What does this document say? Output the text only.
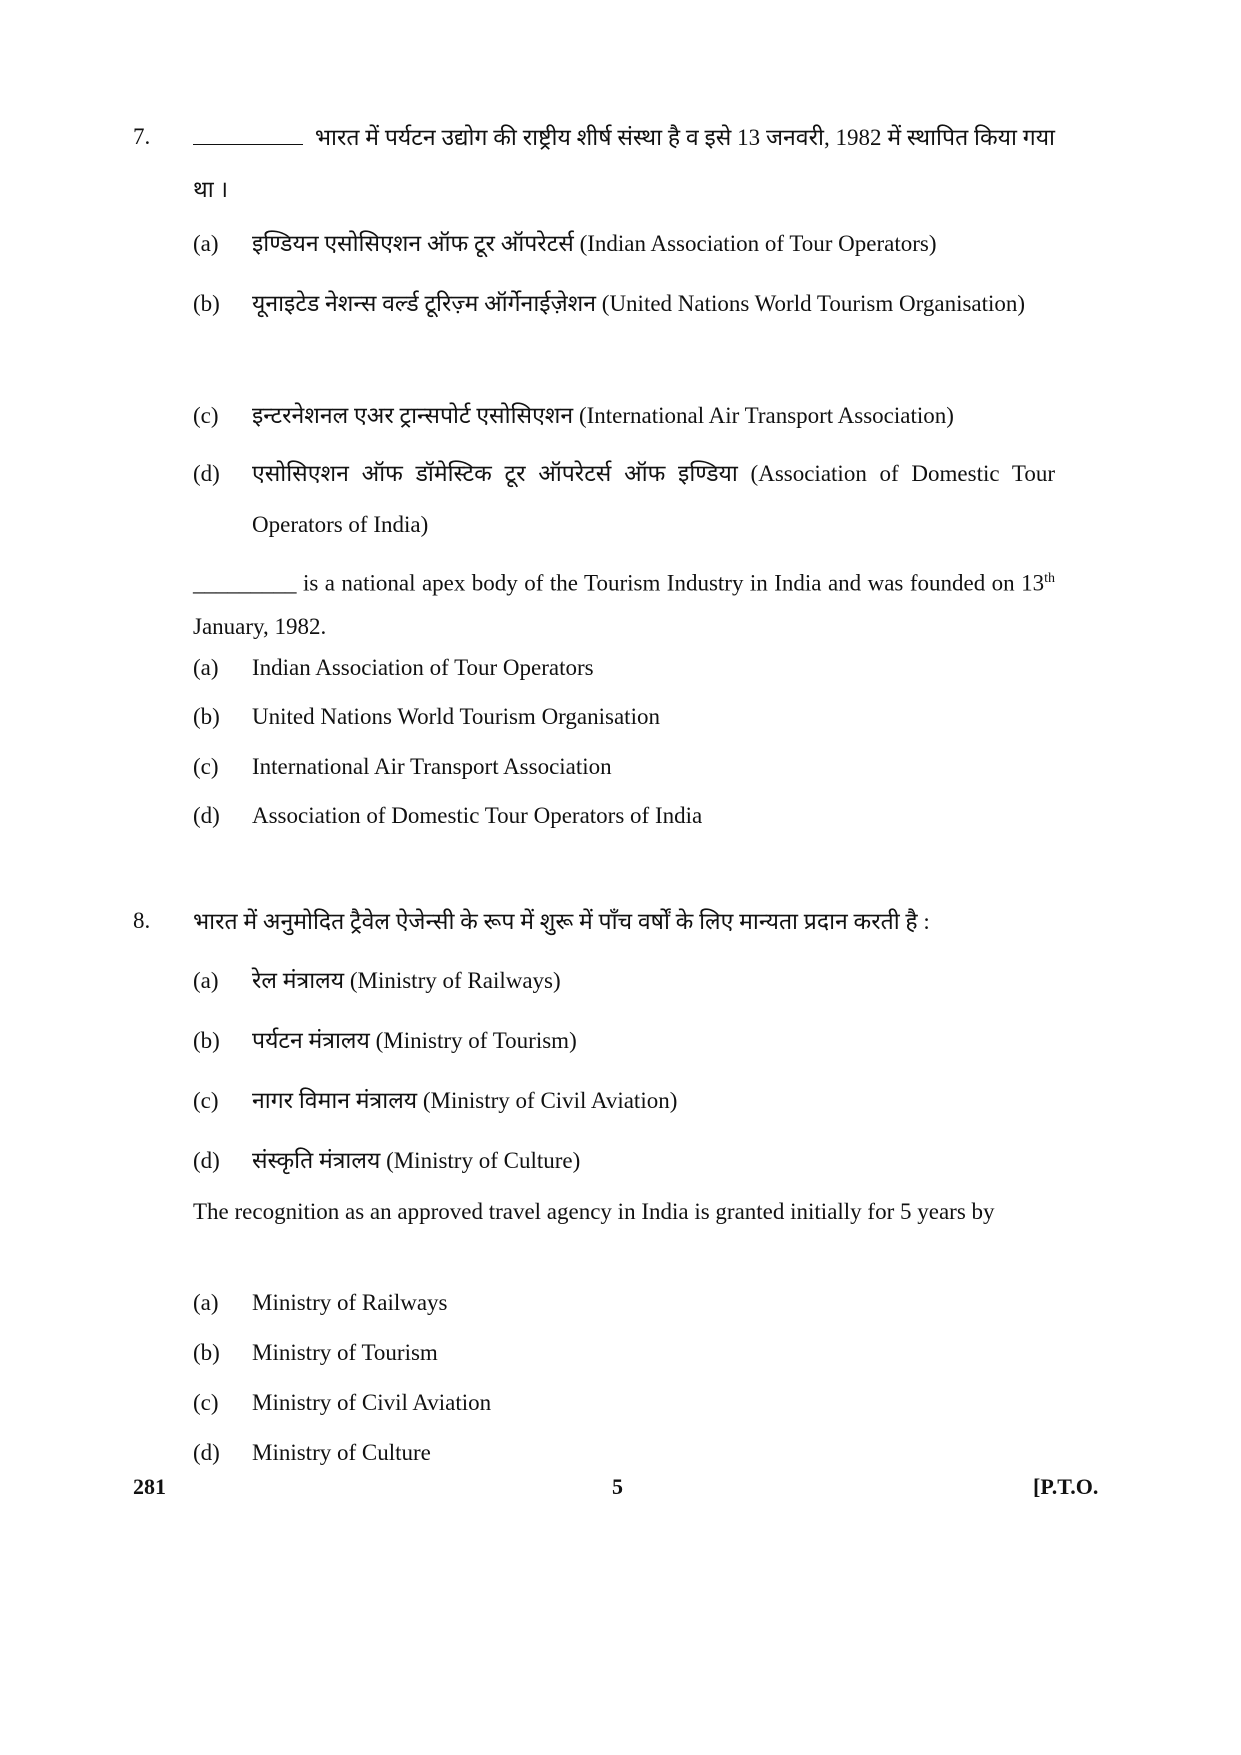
7.	भारत में पर्यटन उद्योग की राष्ट्रीय शीर्ष संस्था है व इसे 13 जनवरी, 1982 में स्थापित किया गया था ।
(a) इण्डियन एसोसिएशन ऑफ टूर ऑपरेटर्स (Indian Association of Tour Operators)
(b) यूनाइटेड नेशन्स वर्ल्ड टूरिज़्म ऑर्गेनाईज़ेशन (United Nations World Tourism Organisation)
(c) इन्टरनेशनल एअर ट्रान्सपोर्ट एसोसिएशन (International Air Transport Association)
(d) एसोसिएशन ऑफ डॉमेस्टिक टूर ऑपरेटर्स ऑफ इण्डिया (Association of Domestic Tour Operators of India)
_________ is a national apex body of the Tourism Industry in India and was founded on 13th January, 1982.
(a) Indian Association of Tour Operators
(b) United Nations World Tourism Organisation
(c) International Air Transport Association
(d) Association of Domestic Tour Operators of India
8. भारत में अनुमोदित ट्रैवेल ऐजेन्सी के रूप में शुरू में पाँच वर्षों के लिए मान्यता प्रदान करती है :
(a) रेल मंत्रालय (Ministry of Railways)
(b) पर्यटन मंत्रालय (Ministry of Tourism)
(c) नागर विमान मंत्रालय (Ministry of Civil Aviation)
(d) संस्कृति मंत्रालय (Ministry of Culture)
The recognition as an approved travel agency in India is granted initially for 5 years by
(a) Ministry of Railways
(b) Ministry of Tourism
(c) Ministry of Civil Aviation
(d) Ministry of Culture
281	5	[P.T.O.
